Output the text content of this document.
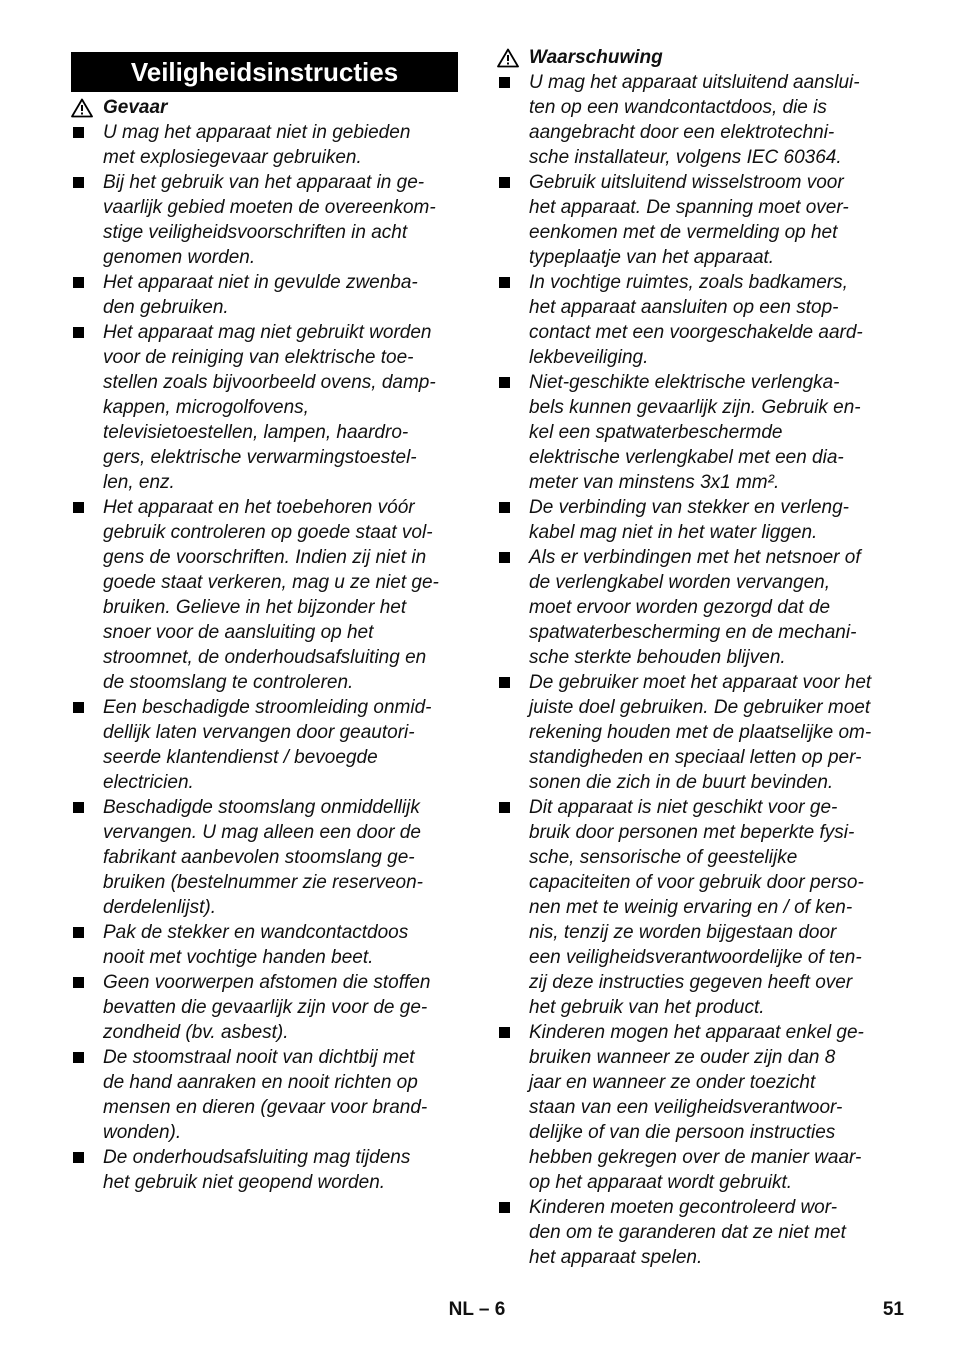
Veiligheidsinstructies
Gevaar
U mag het apparaat niet in gebieden
met explosiegevaar gebruiken.
Bij het gebruik van het apparaat in ge-
vaarlijk gebied moeten de overeenkom-
stige veiligheidsvoorschriften in acht
genomen worden.
Het apparaat niet in gevulde zwenba-
den gebruiken.
Het apparaat mag niet gebruikt worden
voor de reiniging van elektrische toe-
stellen zoals bijvoorbeeld ovens, damp-
kappen, microgolfovens,
televisietoestellen, lampen, haardro-
gers, elektrische verwarmingstoestel-
len, enz.
Het apparaat en het toebehoren vóór
gebruik controleren op goede staat vol-
gens de voorschriften. Indien zij niet in
goede staat verkeren, mag u ze niet ge-
bruiken. Gelieve in het bijzonder het
snoer voor de aansluiting op het
stroomnet, de onderhoudsafsluiting en
de stoomslang te controleren.
Een beschadigde stroomleiding onmid-
dellijk laten vervangen door geautori-
seerde klantendienst / bevoegde
electricien.
Beschadigde stoomslang onmiddellijk
vervangen. U mag alleen een door de
fabrikant aanbevolen stoomslang ge-
bruiken (bestelnummer zie reserveon-
derdelenlijst).
Pak de stekker en wandcontactdoos
nooit met vochtige handen beet.
Geen voorwerpen afstomen die stoffen
bevatten die gevaarlijk zijn voor de ge-
zondheid (bv. asbest).
De stoomstraal nooit van dichtbij met
de hand aanraken en nooit richten op
mensen en dieren (gevaar voor brand-
wonden).
De onderhoudsafsluiting mag tijdens
het gebruik niet geopend worden.
Waarschuwing
U mag het apparaat uitsluitend aanslui-
ten op een wandcontactdoos, die is
aangebracht door een elektrotechni-
sche installateur, volgens IEC 60364.
Gebruik uitsluitend wisselstroom voor
het apparaat. De spanning moet over-
eenkomen met de vermelding op het
typeplaatje van het apparaat.
In vochtige ruimtes, zoals badkamers,
het apparaat aansluiten op een stop-
contact met een voorgeschakelde aard-
lekbeveiliging.
Niet-geschikte elektrische verlengka-
bels kunnen gevaarlijk zijn. Gebruik en-
kel een spatwaterbeschermde
elektrische verlengkabel met een dia-
meter van minstens 3x1 mm².
De verbinding van stekker en verleng-
kabel mag niet in het water liggen.
Als er verbindingen met het netsnoer of
de verlengkabel worden vervangen,
moet ervoor worden gezorgd dat de
spatwaterbescherming en de mechani-
sche sterkte behouden blijven.
De gebruiker moet het apparaat voor het
juiste doel gebruiken. De gebruiker moet
rekening houden met de plaatselijke om-
standigheden en speciaal letten op per-
sonen die zich in de buurt bevinden.
Dit apparaat is niet geschikt voor ge-
bruik door personen met beperkte fysi-
sche, sensorische of geestelijke
capaciteiten of voor gebruik door perso-
nen met te weinig ervaring en / of ken-
nis, tenzij ze worden bijgestaan door
een veiligheidsverantwoordelijke of ten-
zij deze instructies gegeven heeft over
het gebruik van het product.
Kinderen mogen het apparaat enkel ge-
bruiken wanneer ze ouder zijn dan 8
jaar en wanneer ze onder toezicht
staan van een veiligheidsverantwoor-
delijke of van die persoon instructies
hebben gekregen over de manier waar-
op het apparaat wordt gebruikt.
Kinderen moeten gecontroleerd wor-
den om te garanderen dat ze niet met
het apparaat spelen.
NL – 6	51
